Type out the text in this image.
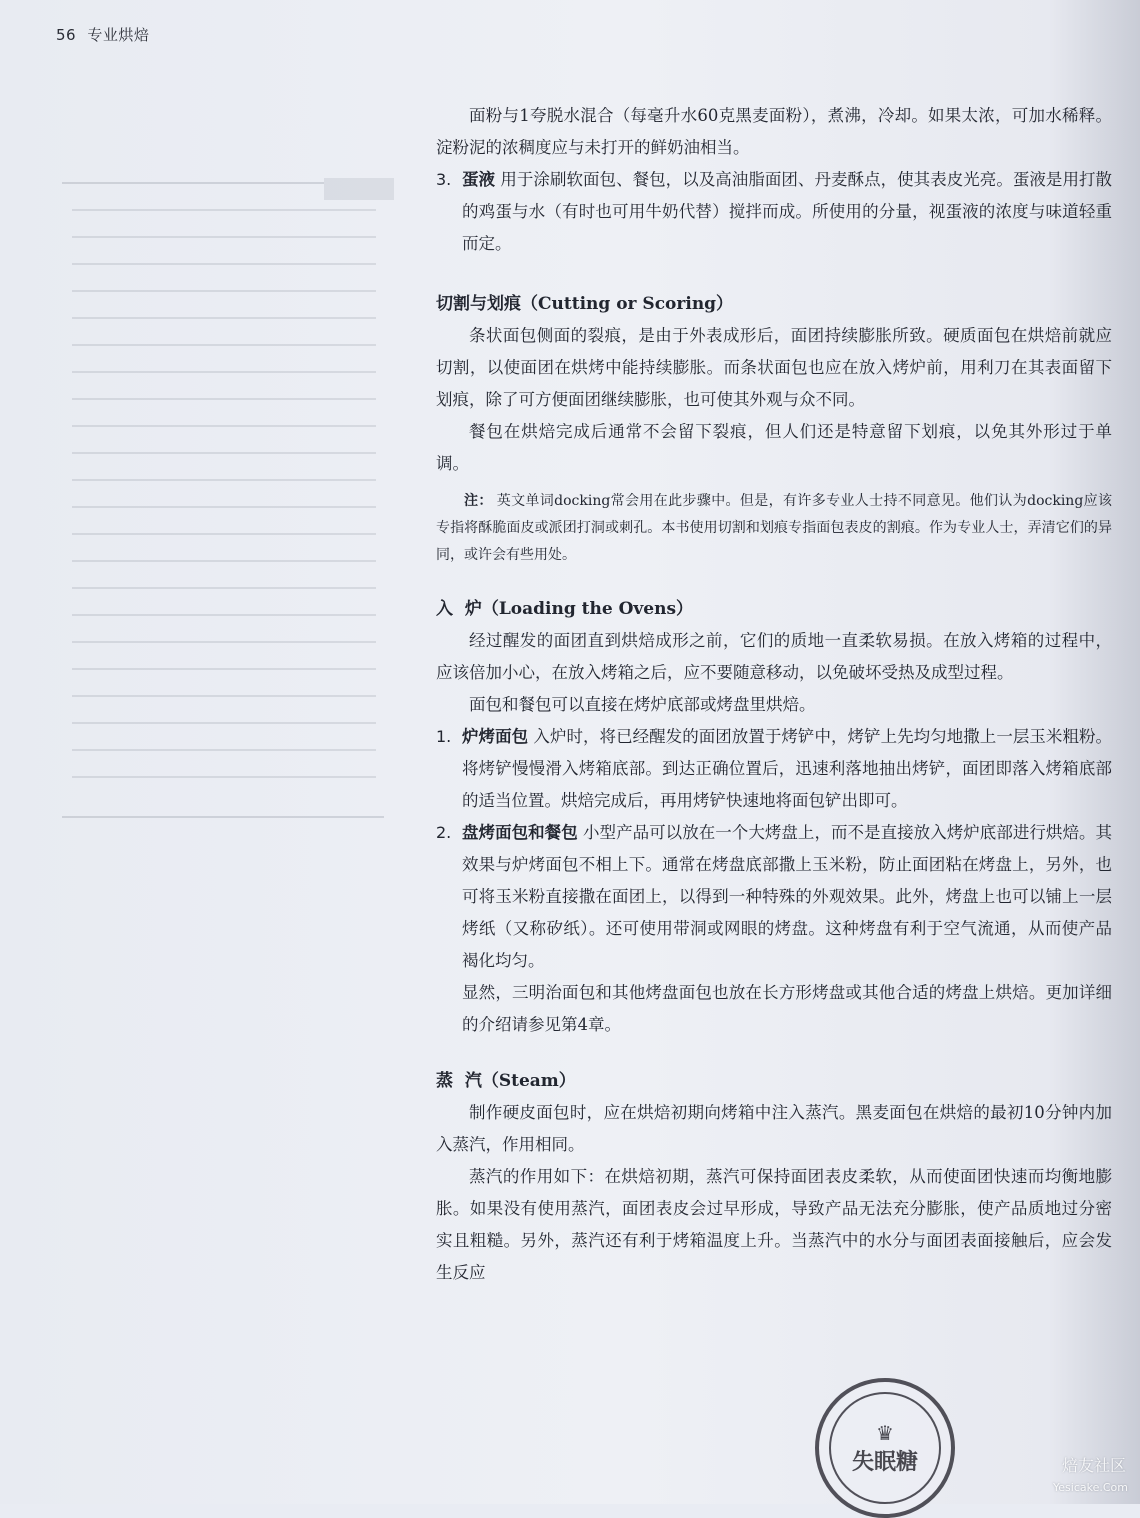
56 专业烘焙

面粉与1夸脱水混合（每毫升水60克黑麦面粉），煮沸，冷却。如果太浓，可加水稀释。淀粉泥的浓稠度应与未打开的鲜奶油相当。

3. 蛋液 用于涂刷软面包、餐包，以及高油脂面团、丹麦酥点，使其表皮光亮。蛋液是用打散的鸡蛋与水（有时也可用牛奶代替）搅拌而成。所使用的分量，视蛋液的浓度与味道轻重而定。

切割与划痕（Cutting or Scoring）

条状面包侧面的裂痕，是由于外表成形后，面团持续膨胀所致。硬质面包在烘焙前就应切割，以使面团在烘烤中能持续膨胀。而条状面包也应在放入烤炉前，用利刀在其表面留下划痕，除了可方便面团继续膨胀，也可使其外观与众不同。

餐包在烘焙完成后通常不会留下裂痕，但人们还是特意留下划痕，以免其外形过于单调。

注： 英文单词docking常会用在此步骤中。但是，有许多专业人士持不同意见。他们认为docking应该专指将酥脆面皮或派团打洞或刺孔。本书使用切割和划痕专指面包表皮的割痕。作为专业人士，弄清它们的异同，或许会有些用处。

入  炉（Loading the Ovens）

经过醒发的面团直到烘焙成形之前，它们的质地一直柔软易损。在放入烤箱的过程中，应该倍加小心，在放入烤箱之后，应不要随意移动，以免破坏受热及成型过程。

面包和餐包可以直接在烤炉底部或烤盘里烘焙。

1. 炉烤面包 入炉时，将已经醒发的面团放置于烤铲中，烤铲上先均匀地撒上一层玉米粗粉。将烤铲慢慢滑入烤箱底部。到达正确位置后，迅速利落地抽出烤铲，面团即落入烤箱底部的适当位置。烘焙完成后，再用烤铲快速地将面包铲出即可。

2. 盘烤面包和餐包 小型产品可以放在一个大烤盘上，而不是直接放入烤炉底部进行烘焙。其效果与炉烤面包不相上下。通常在烤盘底部撒上玉米粉，防止面团粘在烤盘上，另外，也可将玉米粉直接撒在面团上，以得到一种特殊的外观效果。此外，烤盘上也可以铺上一层烤纸（又称矽纸）。还可使用带洞或网眼的烤盘。这种烤盘有利于空气流通，从而使产品褐化均匀。

显然，三明治面包和其他烤盘面包也放在长方形烤盘或其他合适的烤盘上烘焙。更加详细的介绍请参见第4章。

蒸  汽（Steam）

制作硬皮面包时，应在烘焙初期向烤箱中注入蒸汽。黑麦面包在烘焙的最初10分钟内加入蒸汽，作用相同。

蒸汽的作用如下：在烘焙初期，蒸汽可保持面团表皮柔软，从而使面团快速而均衡地膨胀。如果没有使用蒸汽，面团表皮会过早形成，导致产品无法充分膨胀，使产品质地过分密实且粗糙。另外，蒸汽还有利于烤箱温度上升。当蒸汽中的水分与面团表面接触后，应会发生反应

♛
失眠糖	焙友社区
Yesicake.Com
